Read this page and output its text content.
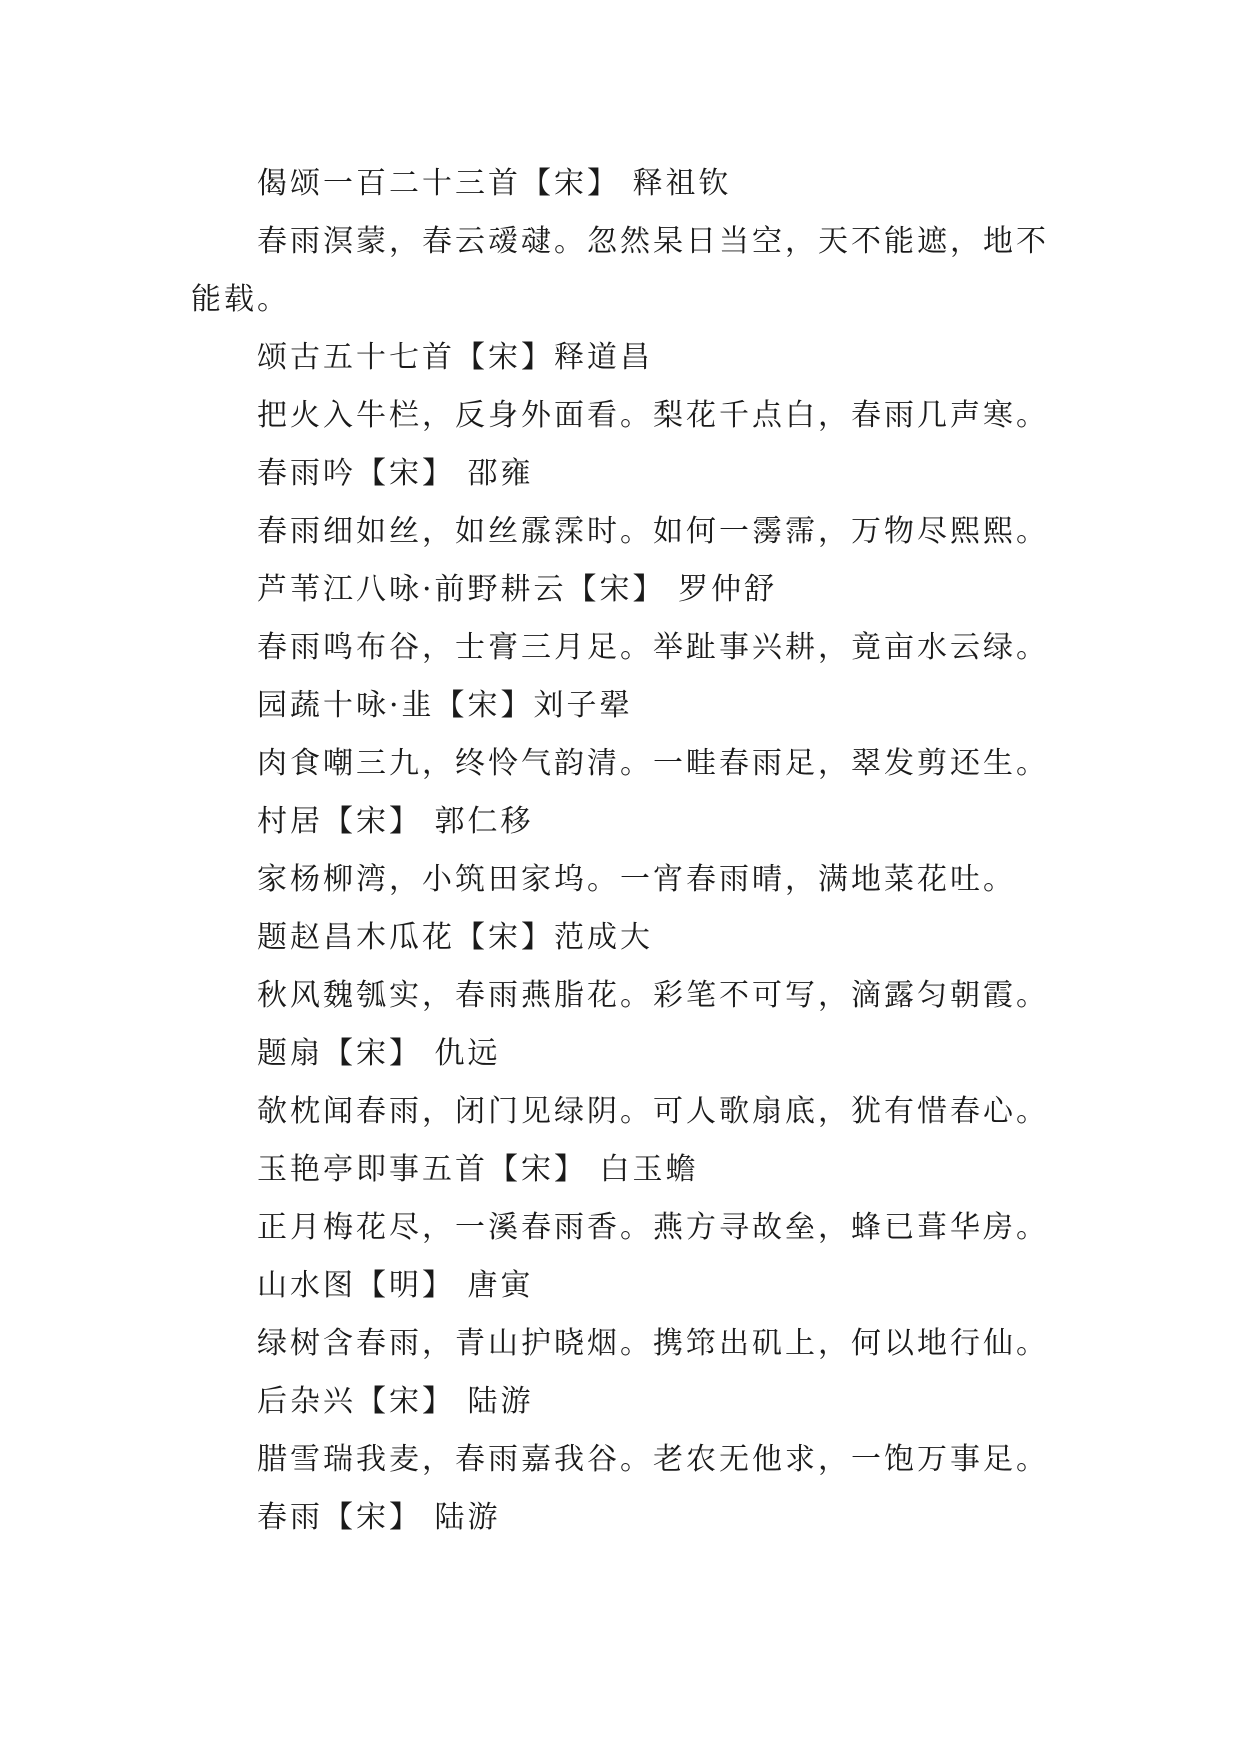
偈颂一百二十三首【宋】 释祖钦

春雨溟蒙，春云叆叇。忽然杲日当空，天不能遮，地不能载。

颂古五十七首【宋】释道昌

把火入牛栏，反身外面看。梨花千点白，春雨几声寒。

春雨吟【宋】 邵雍

春雨细如丝，如丝霡霂时。如何一霶霈，万物尽熙熙。

芦苇江八咏·前野耕云【宋】 罗仲舒

春雨鸣布谷，士膏三月足。举趾事兴耕，竟亩水云绿。

园蔬十咏·韭【宋】刘子翚

肉食嘲三九，终怜气韵清。一畦春雨足，翠发剪还生。

村居【宋】 郭仁移

家杨柳湾，小筑田家坞。一宵春雨晴，满地菜花吐。

题赵昌木瓜花【宋】范成大

秋风魏瓠实，春雨燕脂花。彩笔不可写，滴露匀朝霞。

题扇【宋】 仇远

欹枕闻春雨，闭门见绿阴。可人歌扇底，犹有惜春心。

玉艳亭即事五首【宋】 白玉蟾

正月梅花尽，一溪春雨香。燕方寻故垒，蜂已葺华房。

山水图【明】 唐寅

绿树含春雨，青山护晓烟。携筇出矶上，何以地行仙。

后杂兴【宋】 陆游

腊雪瑞我麦，春雨嘉我谷。老农无他求，一饱万事足。

春雨【宋】 陆游
